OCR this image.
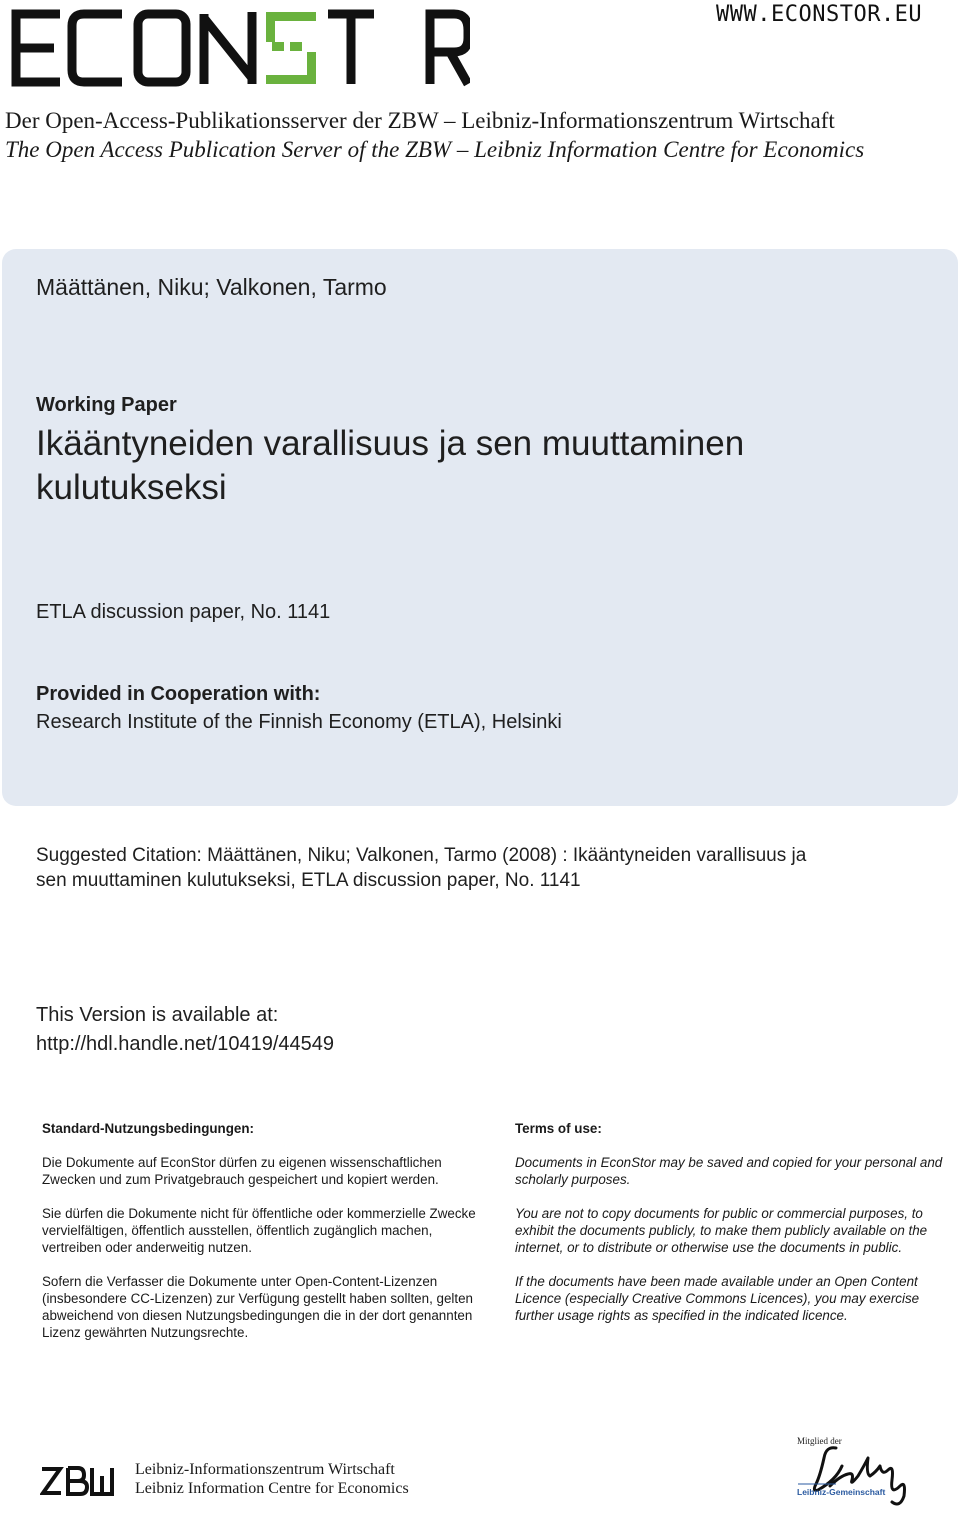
WWW.ECONSTOR.EU
Der Open-Access-Publikationsserver der ZBW – Leibniz-Informationszentrum Wirtschaft
The Open Access Publication Server of the ZBW – Leibniz Information Centre for Economics
Määttänen, Niku; Valkonen, Tarmo
Working Paper
Ikääntyneiden varallisuus ja sen muuttaminen
kulutukseksi
ETLA discussion paper, No. 1141
Provided in Cooperation with:
Research Institute of the Finnish Economy (ETLA), Helsinki
Suggested Citation: Määttänen, Niku; Valkonen, Tarmo (2008) : Ikääntyneiden varallisuus ja
sen muuttaminen kulutukseksi, ETLA discussion paper, No. 1141
This Version is available at:
http://hdl.handle.net/10419/44549
Standard-Nutzungsbedingungen:

Die Dokumente auf EconStor dürfen zu eigenen wissenschaftlichen Zwecken und zum Privatgebrauch gespeichert und kopiert werden.

Sie dürfen die Dokumente nicht für öffentliche oder kommerzielle Zwecke vervielfältigen, öffentlich ausstellen, öffentlich zugänglich machen, vertreiben oder anderweitig nutzen.

Sofern die Verfasser die Dokumente unter Open-Content-Lizenzen (insbesondere CC-Lizenzen) zur Verfügung gestellt haben sollten, gelten abweichend von diesen Nutzungsbedingungen die in der dort genannten Lizenz gewährten Nutzungsrechte.

Terms of use:

Documents in EconStor may be saved and copied for your personal and scholarly purposes.

You are not to copy documents for public or commercial purposes, to exhibit the documents publicly, to make them publicly available on the internet, or to distribute or otherwise use the documents in public.

If the documents have been made available under an Open Content Licence (especially Creative Commons Licences), you may exercise further usage rights as specified in the indicated licence.

Leibniz-Informationszentrum Wirtschaft
Leibniz Information Centre for Economics
Mitglied der
Leibniz-Gemeinschaft
